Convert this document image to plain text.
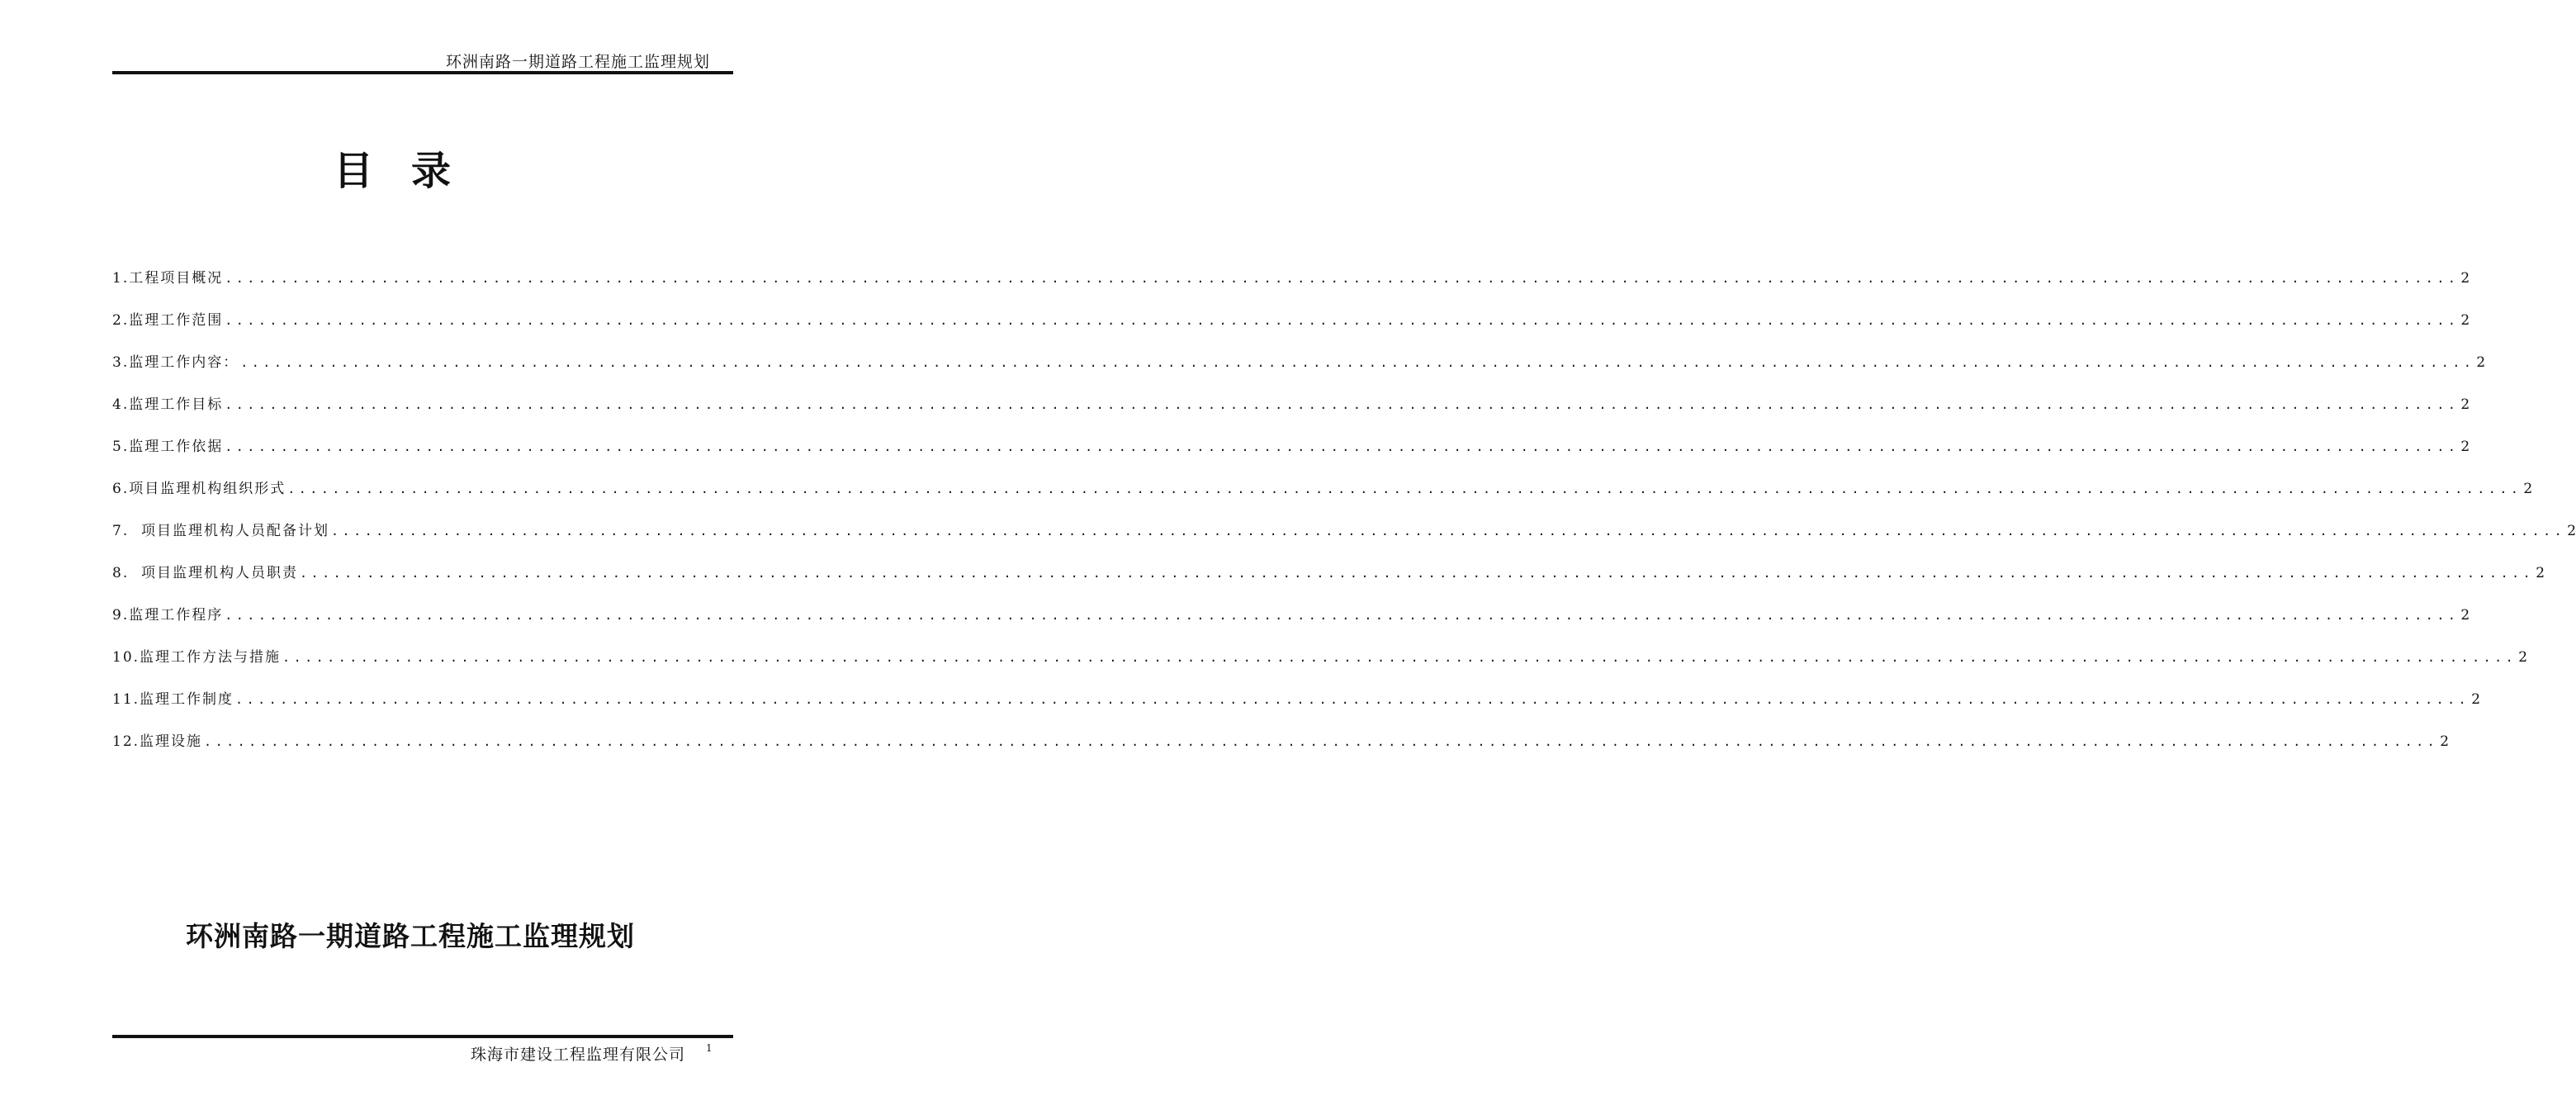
环洲南路一期道路工程施工监理规划
目录
1.工程项目概况 ........................................................................................................................................................................................................ 2
2.监理工作范围 ........................................................................................................................................................................................................ 2
3.监理工作内容： ........................................................................................................................................................................................................ 2
4.监理工作目标 ........................................................................................................................................................................................................ 2
5.监理工作依据 ........................................................................................................................................................................................................ 2
6.项目监理机构组织形式 ........................................................................................................................................................................................................ 2
7.  项目监理机构人员配备计划 ........................................................................................................................................................................................................ 2
8.  项目监理机构人员职责 ........................................................................................................................................................................................................ 2
9.监理工作程序 ........................................................................................................................................................................................................ 2
10.监理工作方法与措施 ........................................................................................................................................................................................................ 2
11.监理工作制度 ........................................................................................................................................................................................................ 2
12.监理设施 ........................................................................................................................................................................................................ 2
环洲南路一期道路工程施工监理规划
珠海市建设工程监理有限公司 1
